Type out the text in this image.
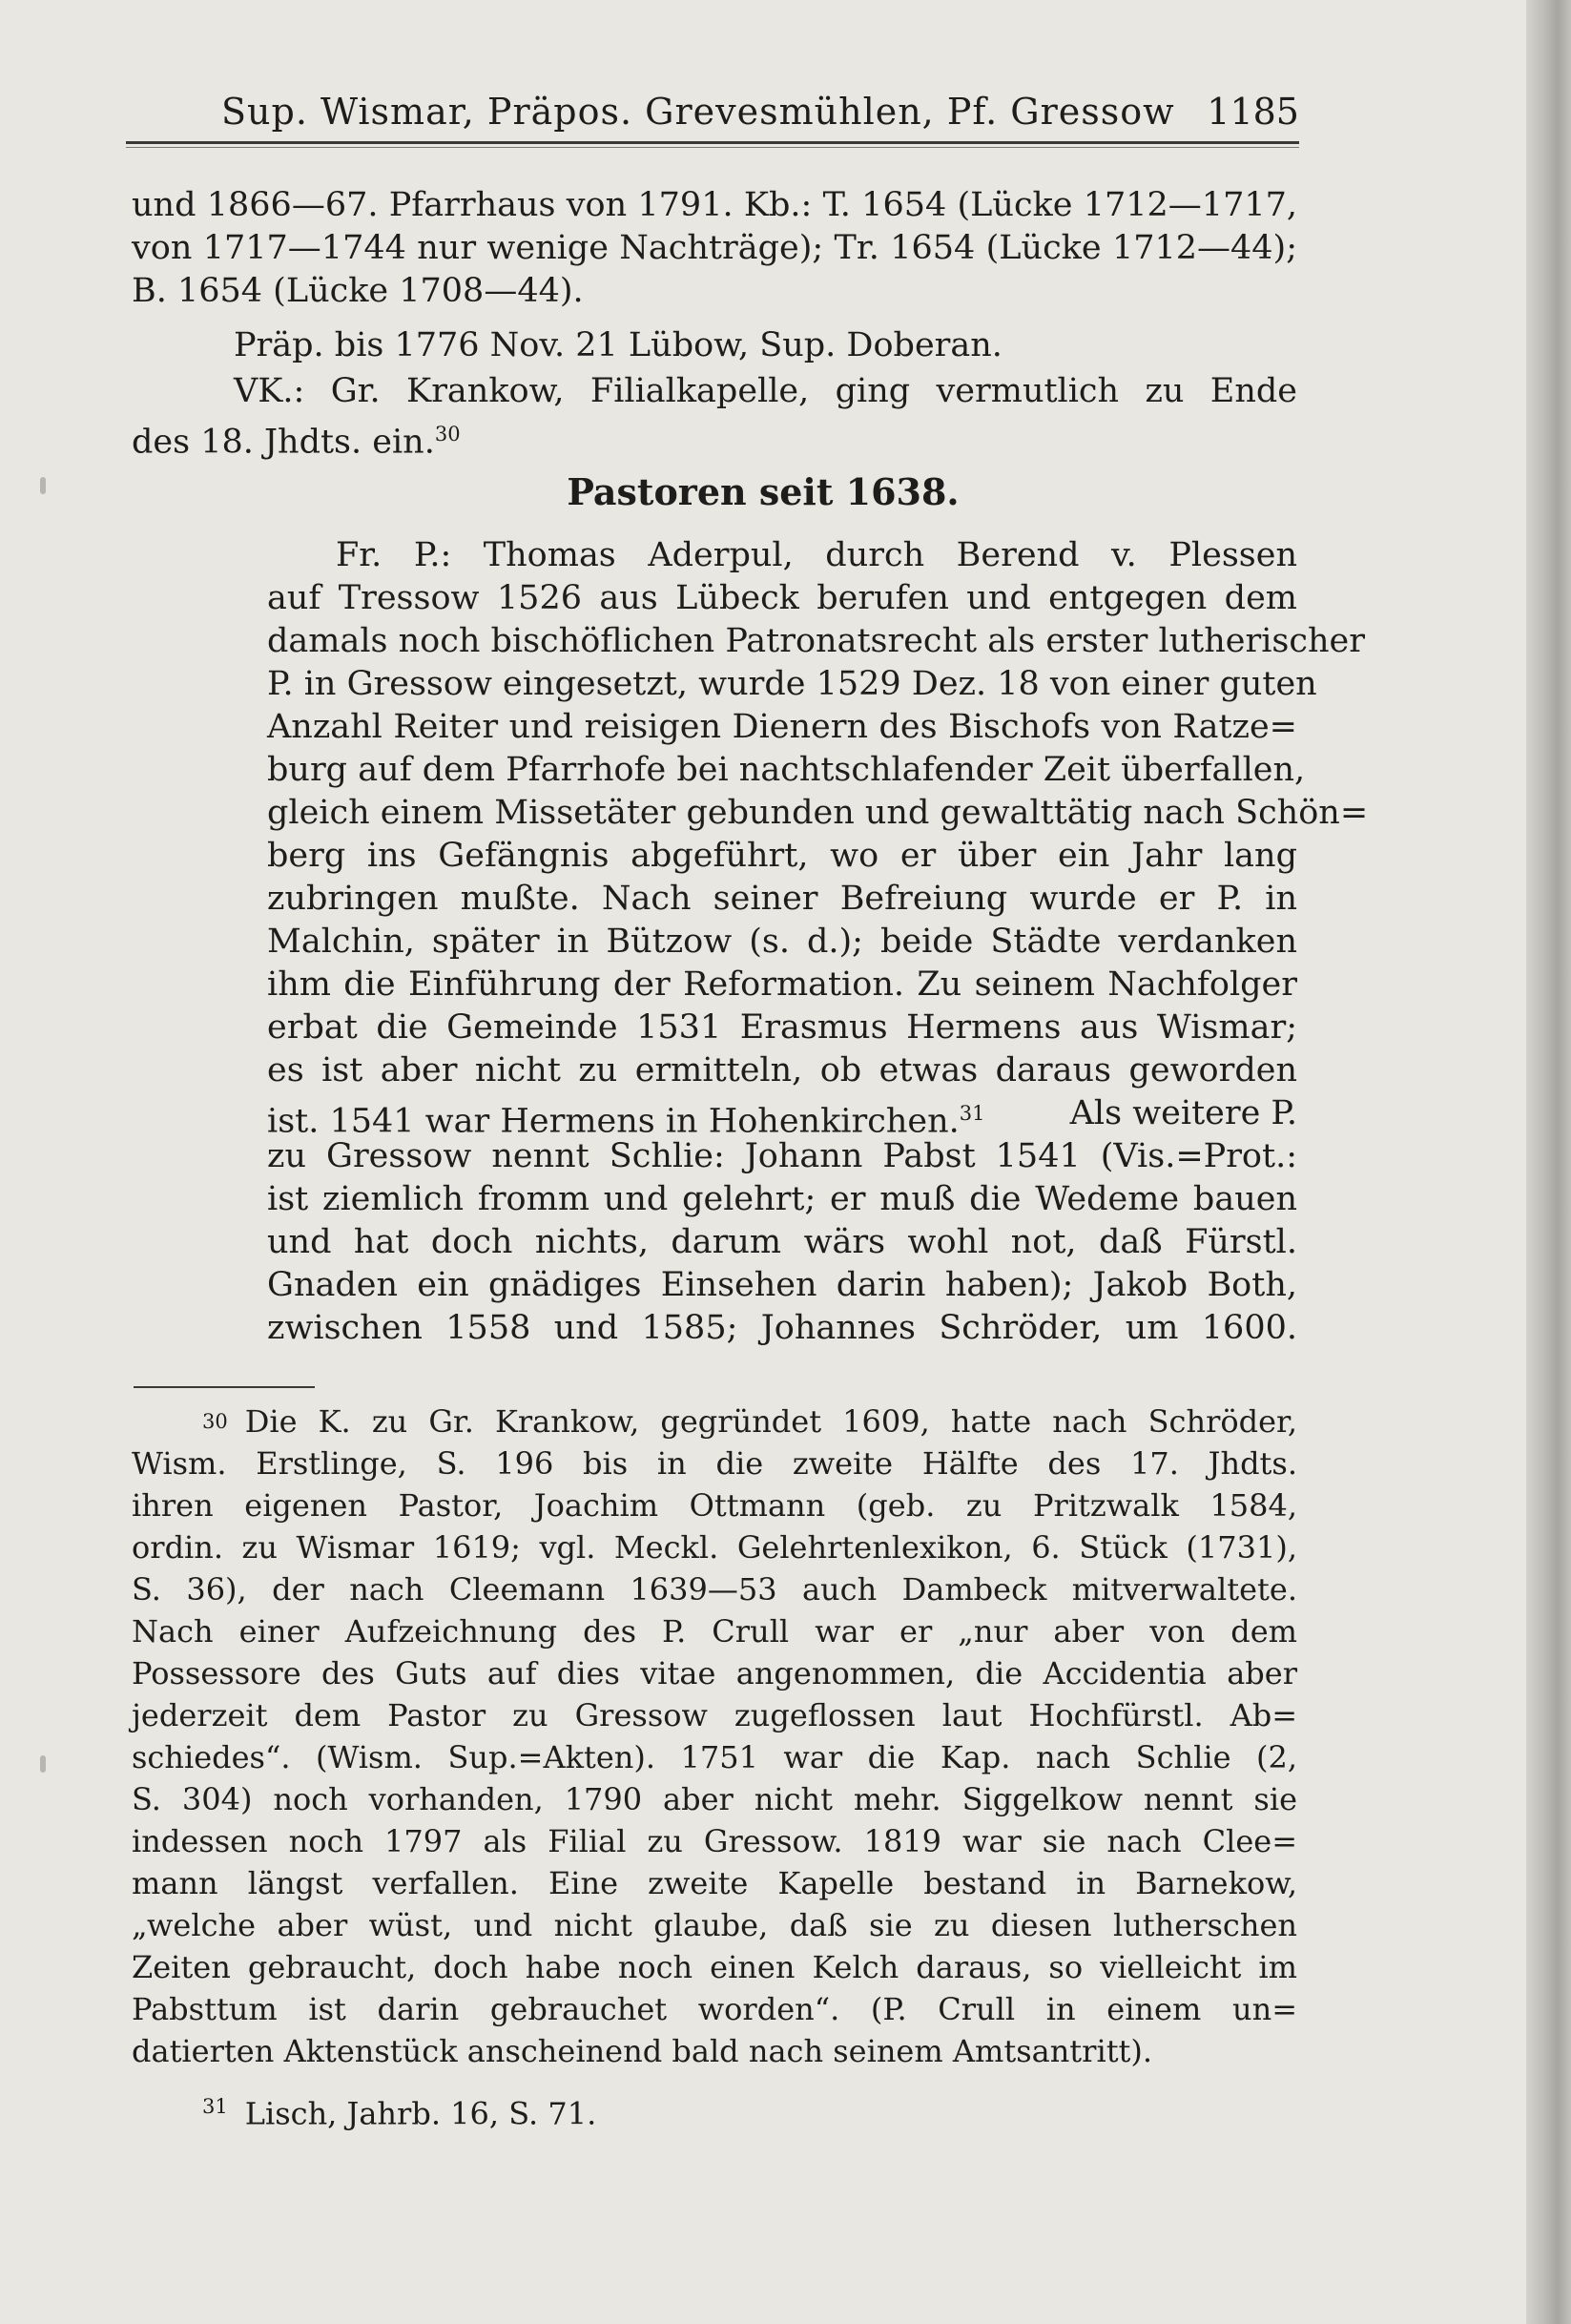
Sup. Wismar, Präpos. Grevesmühlen, Pf. Gressow 1185
und 1866—67. Pfarrhaus von 1791. Kb.: T. 1654 (Lücke 1712—1717,
von 1717—1744 nur wenige Nachträge); Tr. 1654 (Lücke 1712—44);
B. 1654 (Lücke 1708—44).
Präp. bis 1776 Nov. 21 Lübow, Sup. Doberan.
VK.: Gr. Krankow, Filialkapelle, ging vermutlich zu Ende
des 18. Jhdts. ein.$^{30}$
Pastoren seit 1638.
Fr. P.: Thomas Aderpul, durch Berend v. Plessen
auf Tressow 1526 aus Lübeck berufen und entgegen dem
damals noch bischöflichen Patronatsrecht als erster lutherischer
P. in Gressow eingesetzt, wurde 1529 Dez. 18 von einer guten
Anzahl Reiter und reisigen Dienern des Bischofs von Ratze=
burg auf dem Pfarrhofe bei nachtschlafender Zeit überfallen,
gleich einem Missetäter gebunden und gewalttätig nach Schön=
berg ins Gefängnis abgeführt, wo er über ein Jahr lang
zubringen mußte. Nach seiner Befreiung wurde er P. in
Malchin, später in Bützow (s. d.); beide Städte verdanken
ihm die Einführung der Reformation. Zu seinem Nachfolger
erbat die Gemeinde 1531 Erasmus Hermens aus Wismar;
es ist aber nicht zu ermitteln, ob etwas daraus geworden
ist. 1541 war Hermens in Hohenkirchen.$^{31}$	Als weitere P.
zu Gressow nennt Schlie: Johann Pabst 1541 (Vis.=Prot.:
ist ziemlich fromm und gelehrt; er muß die Wedeme bauen
und hat doch nichts, darum wärs wohl not, daß Fürstl.
Gnaden ein gnädiges Einsehen darin haben); Jakob Both,
zwischen 1558 und 1585; Johannes Schröder, um 1600.
30 Die K. zu Gr. Krankow, gegründet 1609, hatte nach Schröder,
Wism. Erstlinge, S. 196 bis in die zweite Hälfte des 17. Jhdts.
ihren eigenen Pastor, Joachim Ottmann (geb. zu Pritzwalk 1584,
ordin. zu Wismar 1619; vgl. Meckl. Gelehrtenlexikon, 6. Stück (1731),
S. 36), der nach Cleemann 1639—53 auch Dambeck mitverwaltete.
Nach einer Aufzeichnung des P. Crull war er „nur aber von dem
Possessore des Guts auf dies vitae angenommen, die Accidentia aber
jederzeit dem Pastor zu Gressow zugeflossen laut Hochfürstl. Ab=
schiedes“. (Wism. Sup.=Akten). 1751 war die Kap. nach Schlie (2,
S. 304) noch vorhanden, 1790 aber nicht mehr. Siggelkow nennt sie
indessen noch 1797 als Filial zu Gressow. 1819 war sie nach Clee=
mann längst verfallen. Eine zweite Kapelle bestand in Barnekow,
„welche aber wüst, und nicht glaube, daß sie zu diesen lutherschen
Zeiten gebraucht, doch habe noch einen Kelch daraus, so vielleicht im
Pabsttum ist darin gebrauchet worden“. (P. Crull in einem un=
datierten Aktenstück anscheinend bald nach seinem Amtsantritt).
$^{31}$ Lisch, Jahrb. 16, S. 71.
